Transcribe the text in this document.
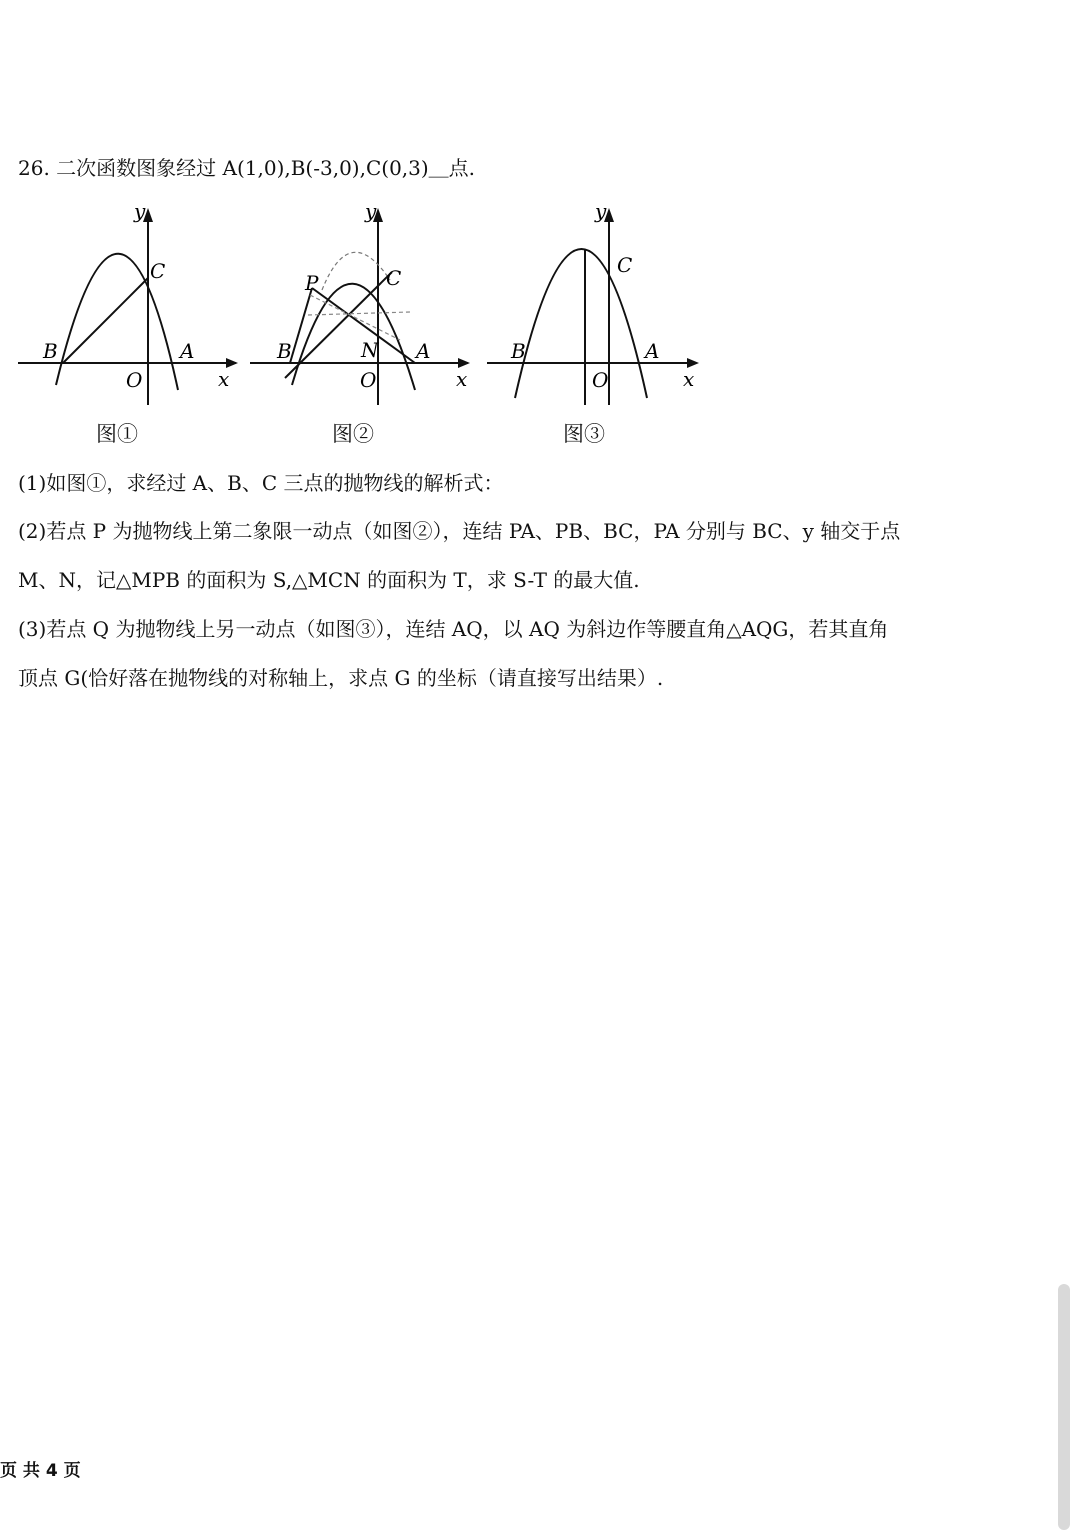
26. 二次函数图象经过 A(1,0),B(-3,0),C(0,3)＿点.
y
x
O
A
B
C
图①
y
x
O
A
B
C
P
N
图②
y
x
O
A
B
C
图③
(1)如图①，求经过 A、B、C 三点的抛物线的解析式：
(2)若点 P 为抛物线上第二象限一动点（如图②），连结 PA、PB、BC，PA 分别与 BC、y 轴交于点
M、N，记△MPB 的面积为 S,△MCN 的面积为 T，求 S-T 的最大值.
(3)若点 Q 为抛物线上另一动点（如图③），连结 AQ，以 AQ 为斜边作等腰直角△AQG，若其直角
顶点 G(恰好落在抛物线的对称轴上，求点 G 的坐标（请直接写出结果）.
页 共 4 页
